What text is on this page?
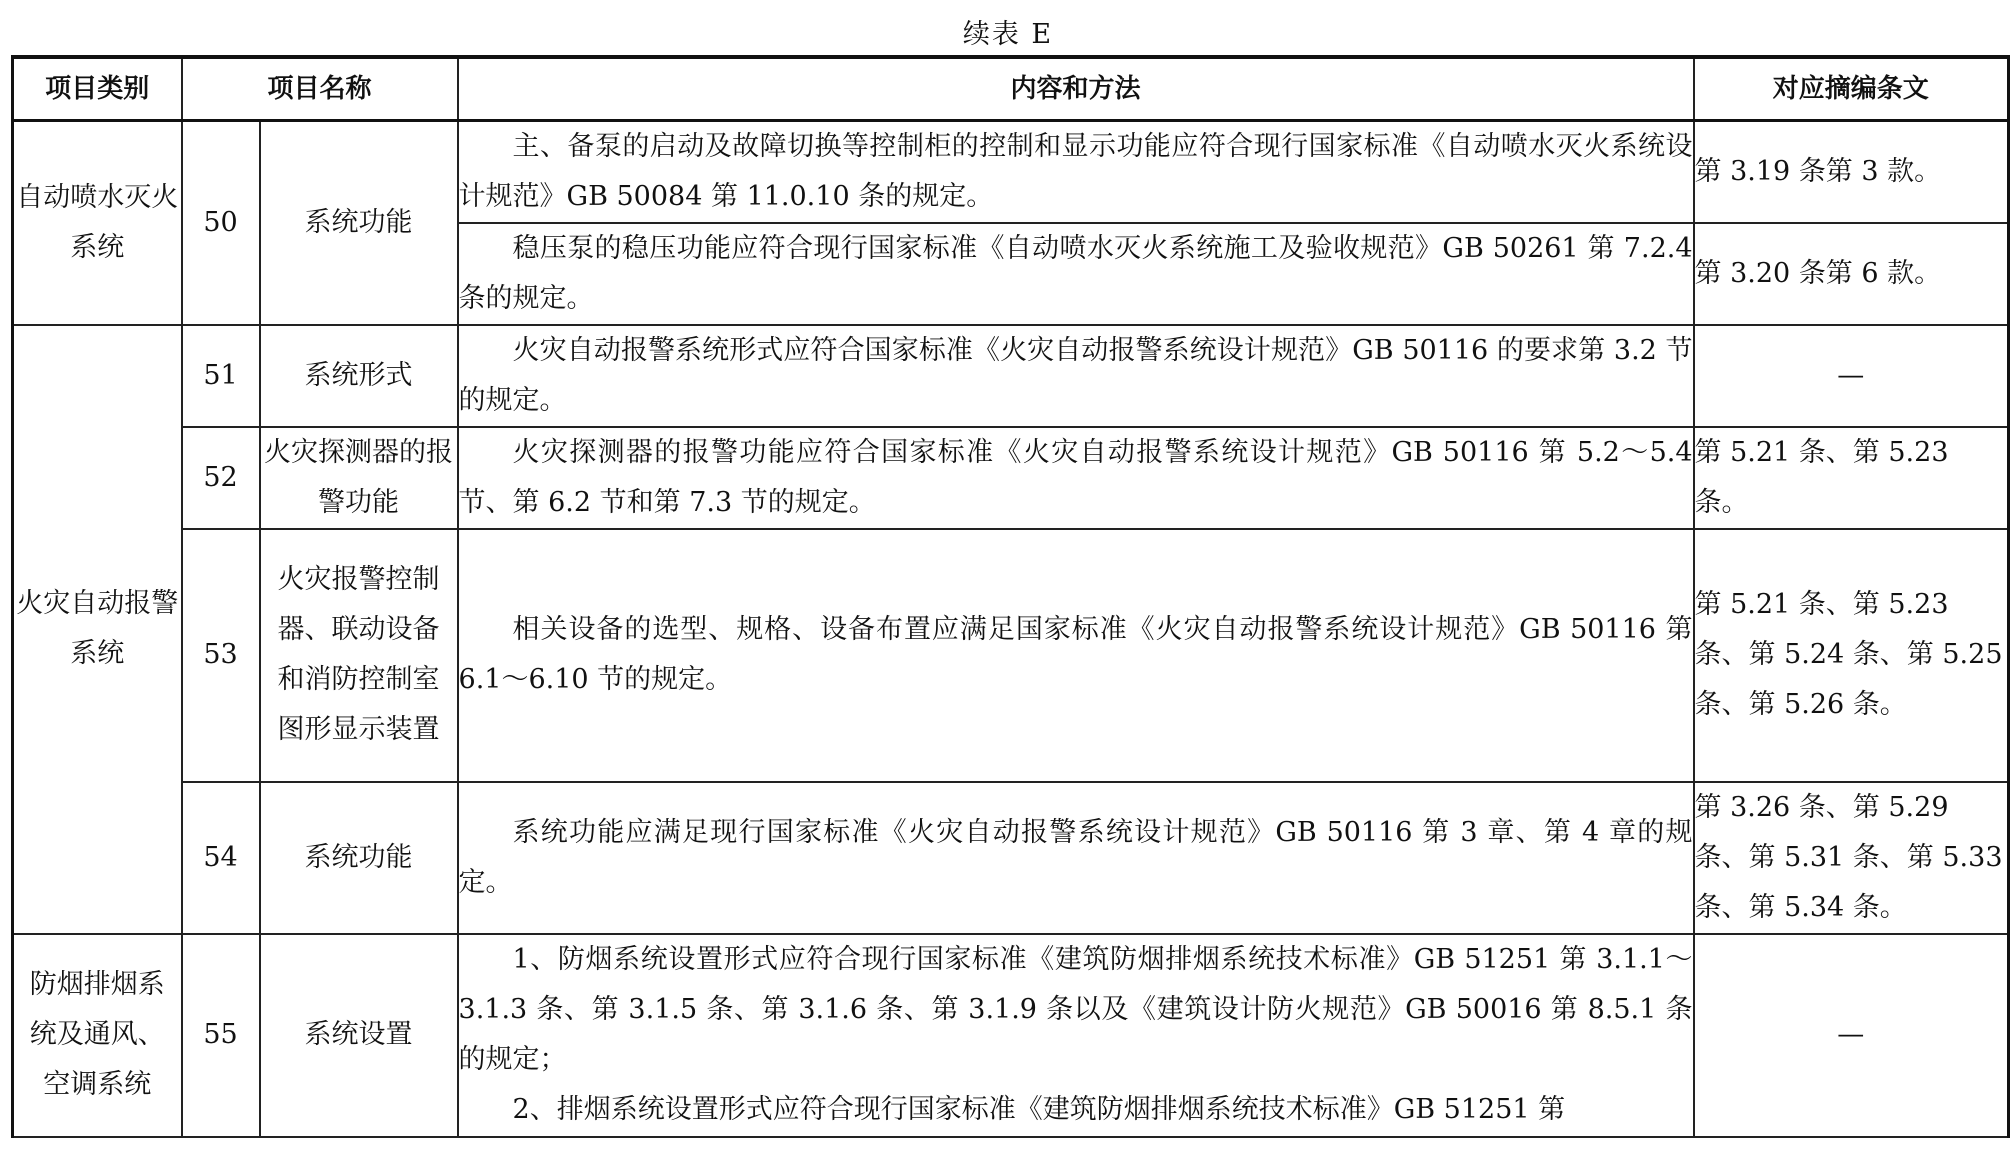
续表 E
项目类别	项目名称		内容和方法	对应摘编条文
自动喷水灭火系统	50	系统功能	主、备泵的启动及故障切换等控制柜的控制和显示功能应符合现行国家标准《自动喷水灭火系统设计规范》GB 50084 第 11.0.10 条的规定。	第 3.19 条第 3 款。

			稳压泵的稳压功能应符合现行国家标准《自动喷水灭火系统施工及验收规范》GB 50261 第 7.2.4 条的规定。	第 3.20 条第 6 款。
火灾自动报警系统	51	系统形式	火灾自动报警系统形式应符合国家标准《火灾自动报警系统设计规范》GB 50116 的要求第 3.2 节的规定。	—
	52	火灾探测器的报警功能	火灾探测器的报警功能应符合国家标准《火灾自动报警系统设计规范》GB 50116 第 5.2～5.4 节、第 6.2 节和第 7.3 节的规定。	第 5.21 条、第 5.23 条。
	53	火灾报警控制器、联动设备和消防控制室图形显示装置	相关设备的选型、规格、设备布置应满足国家标准《火灾自动报警系统设计规范》GB 50116 第 6.1～6.10 节的规定。	第 5.21 条、第 5.23 条、第 5.24 条、第 5.25 条、第 5.26 条。
	54	系统功能	系统功能应满足现行国家标准《火灾自动报警系统设计规范》GB 50116 第 3 章、第 4 章的规定。	第 3.26 条、第 5.29 条、第 5.31 条、第 5.33 条、第 5.34 条。
防烟排烟系统及通风、空调系统	55	系统设置	1、防烟系统设置形式应符合现行国家标准《建筑防烟排烟系统技术标准》GB 51251 第 3.1.1～3.1.3 条、第 3.1.5 条、第 3.1.6 条、第 3.1.9 条以及《建筑设计防火规范》GB 50016 第 8.5.1 条的规定；
2、排烟系统设置形式应符合现行国家标准《建筑防烟排烟系统技术标准》GB 51251 第	—
